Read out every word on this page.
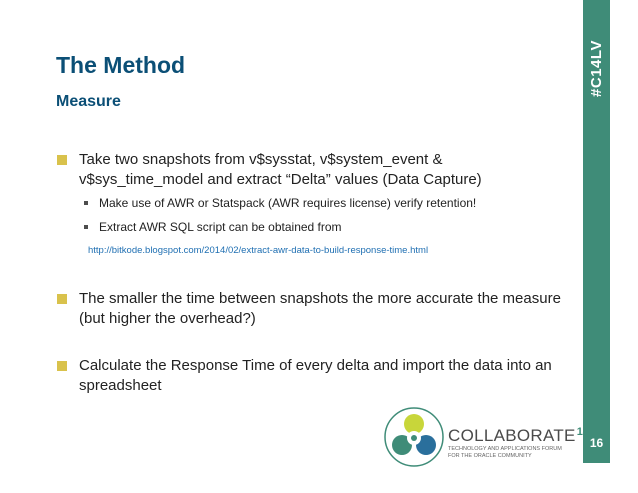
#C14LV
16
The Method
Measure
Take two snapshots from v$sysstat, v$system_event & v$sys_time_model and extract “Delta” values (Data Capture)
Make use of AWR or Statspack (AWR requires license) verify retention!
Extract AWR SQL script can be obtained from
http://bitkode.blogspot.com/2014/02/extract-awr-data-to-build-response-time.html
The smaller the time between snapshots the more accurate the measure (but higher the overhead?)
Calculate the Response Time of every delta and import the data into an spreadsheet
COLLABORATE 14
TECHNOLOGY AND APPLICATIONS FORUM
FOR THE ORACLE COMMUNITY
